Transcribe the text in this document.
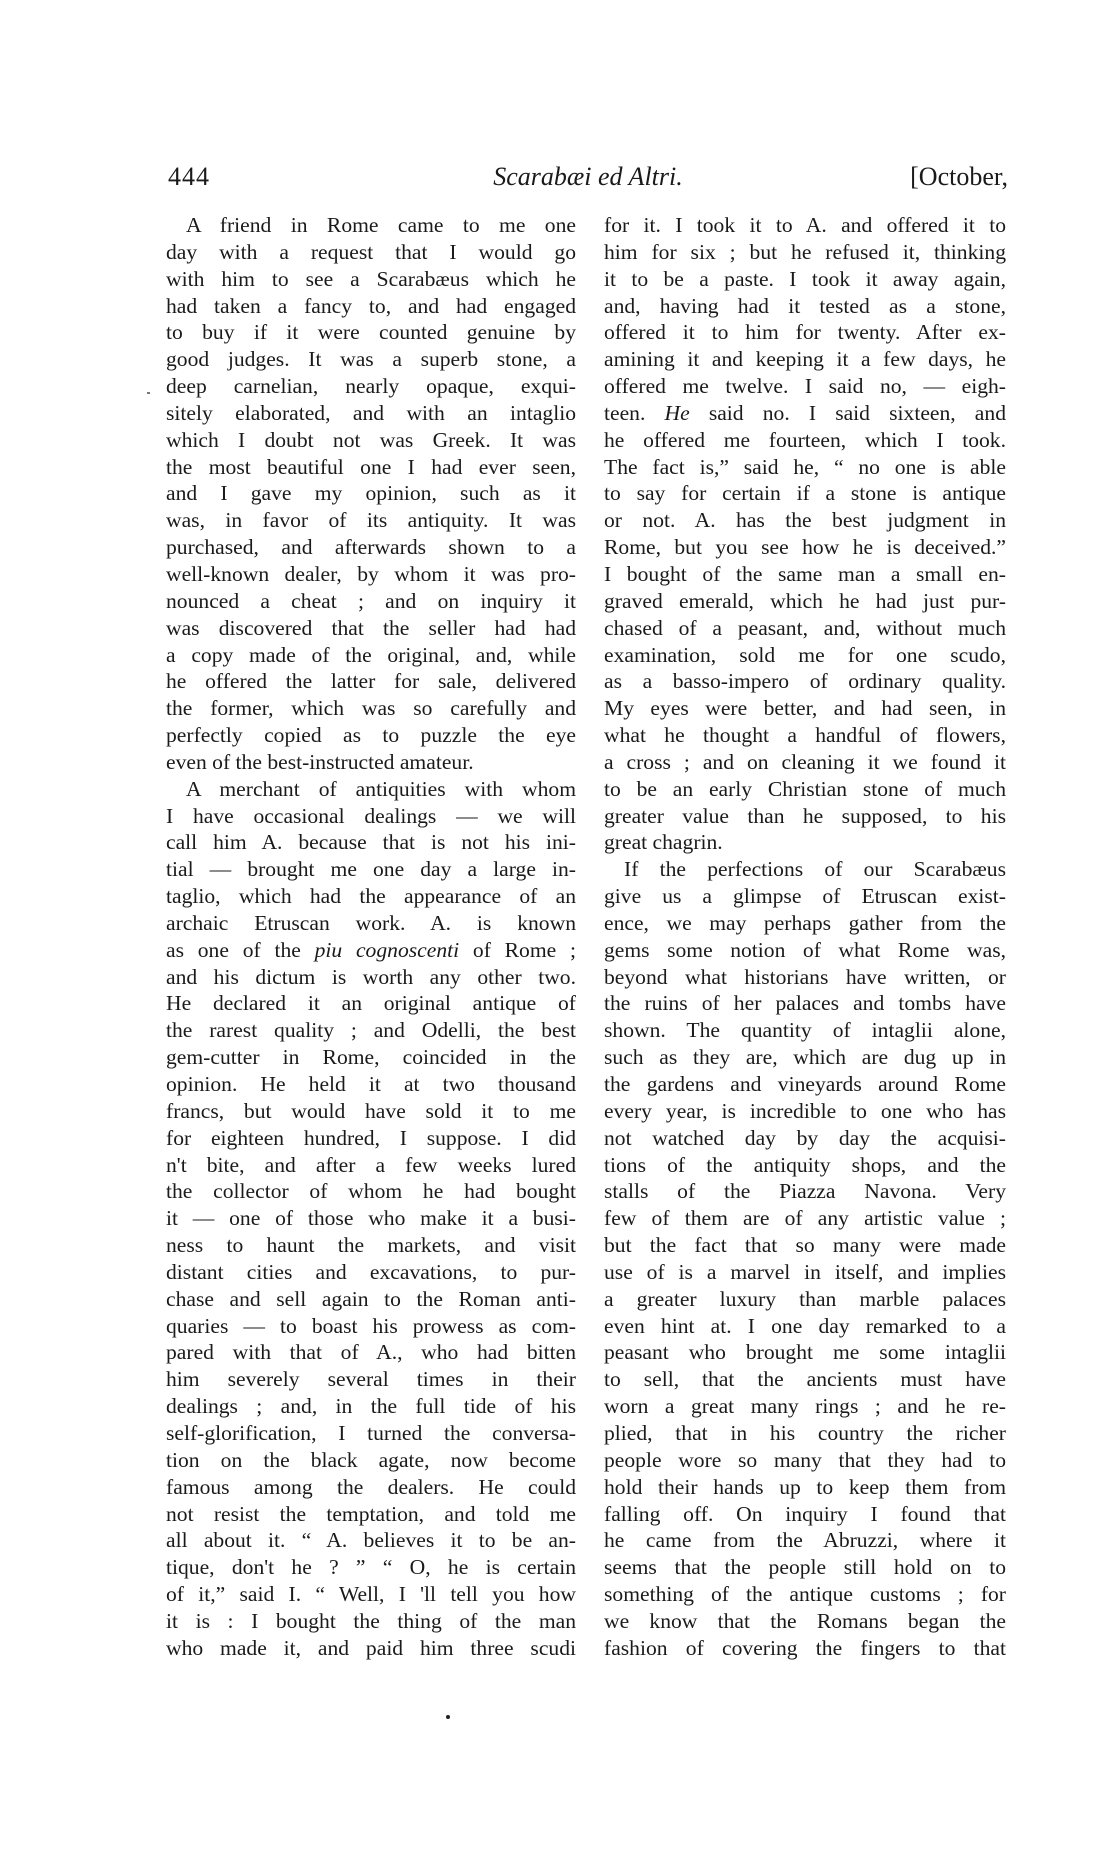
444	Scarabæi ed Altri.	[October,
A friend in Rome came to me one
day with a request that I would go
with him to see a Scarabæus which he
had taken a fancy to, and had engaged
to buy if it were counted genuine by
good judges. It was a superb stone, a
deep carnelian, nearly opaque, exqui-
sitely elaborated, and with an intaglio
which I doubt not was Greek. It was
the most beautiful one I had ever seen,
and I gave my opinion, such as it
was, in favor of its antiquity. It was
purchased, and afterwards shown to a
well-known dealer, by whom it was pro-
nounced a cheat ; and on inquiry it
was discovered that the seller had had
a copy made of the original, and, while
he offered the latter for sale, delivered
the former, which was so carefully and
perfectly copied as to puzzle the eye
even of the best-instructed amateur.
A merchant of antiquities with whom
I have occasional dealings — we will
call him A. because that is not his ini-
tial — brought me one day a large in-
taglio, which had the appearance of an
archaic Etruscan work. A. is known
as one of the piu cognoscenti of Rome ;
and his dictum is worth any other two.
He declared it an original antique of
the rarest quality ; and Odelli, the best
gem-cutter in Rome, coincided in the
opinion. He held it at two thousand
francs, but would have sold it to me
for eighteen hundred, I suppose. I did
n't bite, and after a few weeks lured
the collector of whom he had bought
it — one of those who make it a busi-
ness to haunt the markets, and visit
distant cities and excavations, to pur-
chase and sell again to the Roman anti-
quaries — to boast his prowess as com-
pared with that of A., who had bitten
him severely several times in their
dealings ; and, in the full tide of his
self-glorification, I turned the conversa-
tion on the black agate, now become
famous among the dealers. He could
not resist the temptation, and told me
all about it. “ A. believes it to be an-
tique, don't he ? ” “ O, he is certain
of it,” said I. “ Well, I 'll tell you how
it is : I bought the thing of the man
who made it, and paid him three scudi
for it. I took it to A. and offered it to
him for six ; but he refused it, thinking
it to be a paste. I took it away again,
and, having had it tested as a stone,
offered it to him for twenty. After ex-
amining it and keeping it a few days, he
offered me twelve. I said no, — eigh-
teen. He said no. I said sixteen, and
he offered me fourteen, which I took.
The fact is,” said he, “ no one is able
to say for certain if a stone is antique
or not. A. has the best judgment in
Rome, but you see how he is deceived.”
I bought of the same man a small en-
graved emerald, which he had just pur-
chased of a peasant, and, without much
examination, sold me for one scudo,
as a basso-impero of ordinary quality.
My eyes were better, and had seen, in
what he thought a handful of flowers,
a cross ; and on cleaning it we found it
to be an early Christian stone of much
greater value than he supposed, to his
great chagrin.
If the perfections of our Scarabæus
give us a glimpse of Etruscan exist-
ence, we may perhaps gather from the
gems some notion of what Rome was,
beyond what historians have written, or
the ruins of her palaces and tombs have
shown. The quantity of intaglii alone,
such as they are, which are dug up in
the gardens and vineyards around Rome
every year, is incredible to one who has
not watched day by day the acquisi-
tions of the antiquity shops, and the
stalls of the Piazza Navona. Very
few of them are of any artistic value ;
but the fact that so many were made
use of is a marvel in itself, and implies
a greater luxury than marble palaces
even hint at. I one day remarked to a
peasant who brought me some intaglii
to sell, that the ancients must have
worn a great many rings ; and he re-
plied, that in his country the richer
people wore so many that they had to
hold their hands up to keep them from
falling off. On inquiry I found that
he came from the Abruzzi, where it
seems that the people still hold on to
something of the antique customs ; for
we know that the Romans began the
fashion of covering the fingers to that
